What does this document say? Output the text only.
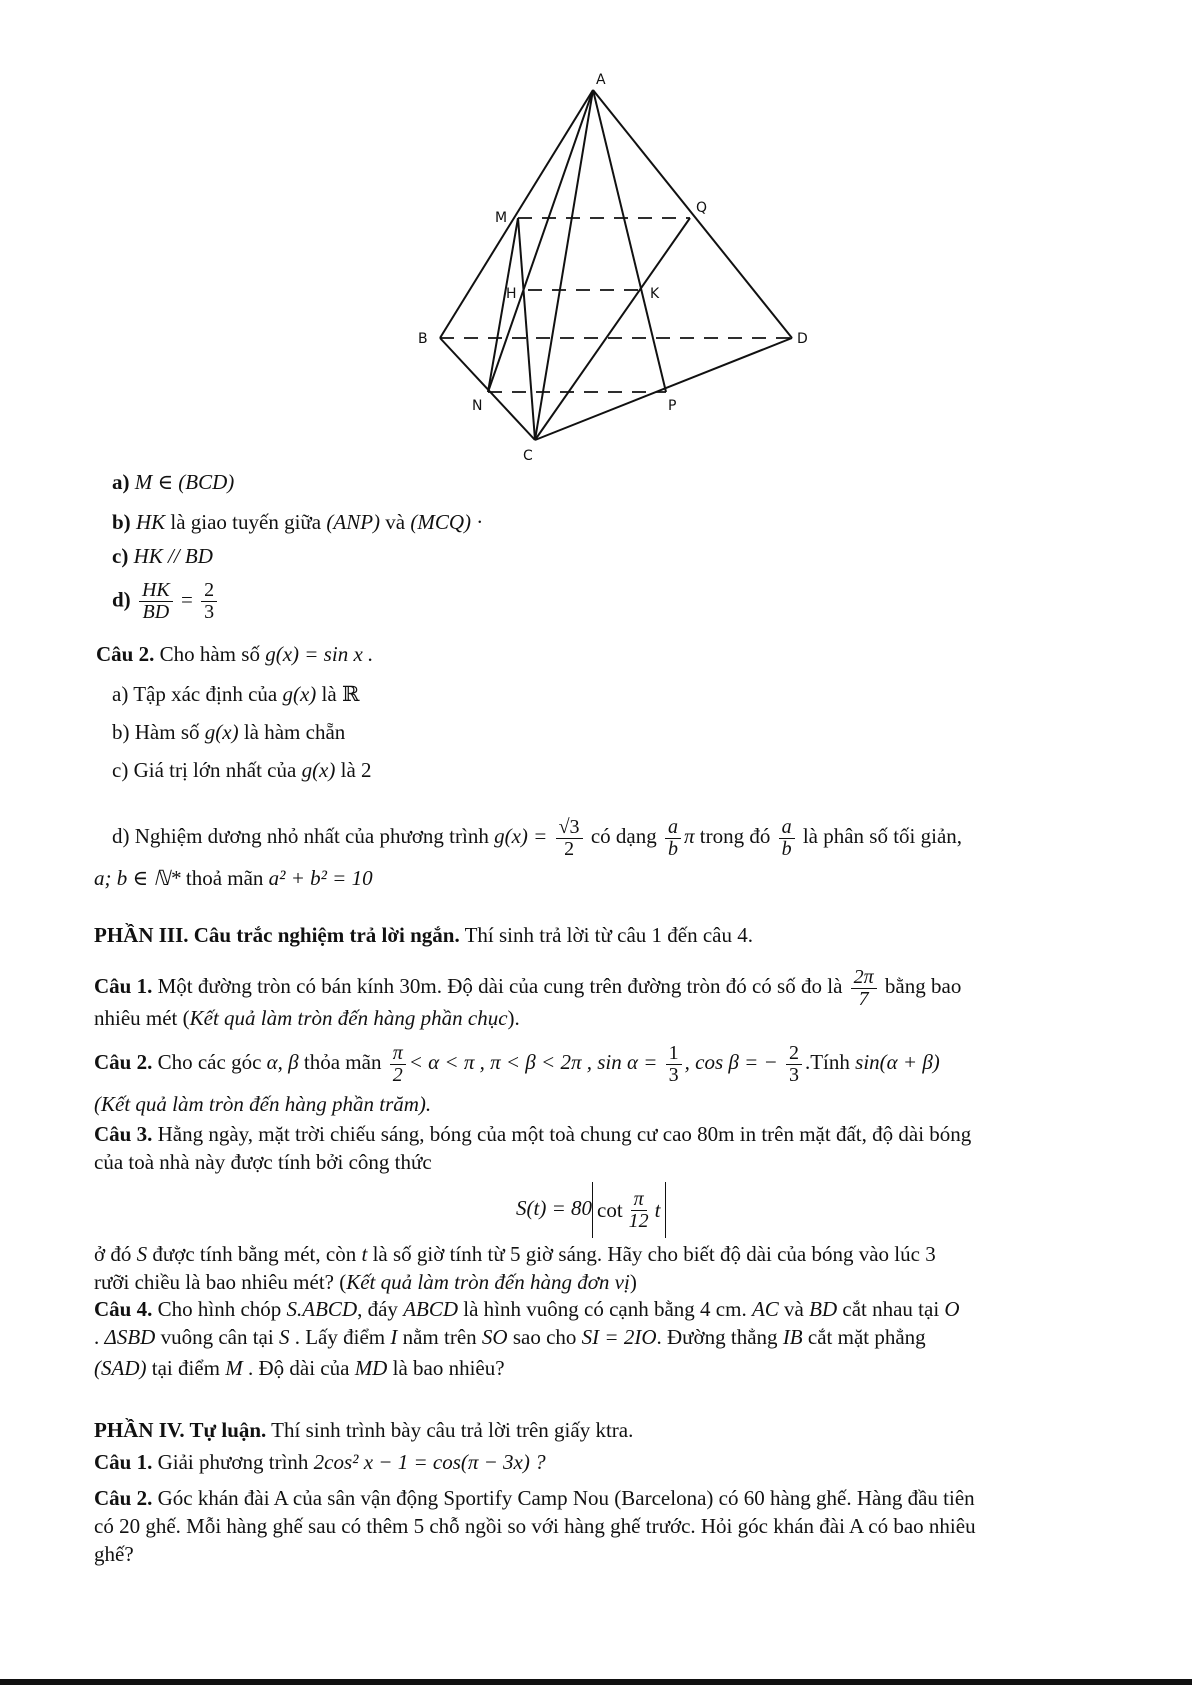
A
M
Q
H	K
B	D
N	P
C
a) M ∈ (BCD)
b) HK là giao tuyến giữa (ANP) và (MCQ) ·
c) HK // BD
$d) \frac{HK}{BD} = \frac{2}{3}$
Câu 2. Cho hàm số g(x) = sin x .
a) Tập xác định của g(x) là ℝ
b) Hàm số g(x) là hàm chẵn
c) Giá trị lớn nhất của g(x) là 2
d) Nghiệm dương nhỏ nhất của phương trình $g(x) = \frac{√3}{2}$ có dạng $\frac{a}{b}$ π trong đó $\frac{a}{b}$ là phân số tối giản,
a; b ∈ ℕ* thoả mãn a² + b² = 10
PHẦN III. Câu trắc nghiệm trả lời ngắn. Thí sinh trả lời từ câu 1 đến câu 4.
Câu 1. Một đường tròn có bán kính 30m. Độ dài của cung trên đường tròn đó có số đo là $\frac{2\pi}{7}$ bằng bao
nhiêu mét (Kết quả làm tròn đến hàng phần chục).
Câu 2. Cho các góc α, β thỏa mãn $\frac{\pi}{2} < \alpha < \pi$ , π < β < 2π , $\sin \alpha = \frac{1}{3}$ , cos β = − $\frac{2}{3}$ .Tính sin(α + β)
(Kết quả làm tròn đến hàng phần trăm).
Câu 3. Hằng ngày, mặt trời chiếu sáng, bóng của một toà chung cư cao 80m in trên mặt đất, độ dài bóng
của toà nhà này được tính bởi công thức
S(t) = 80 $\cot \frac{\pi}{12}$ t
ở đó S được tính bằng mét, còn t là số giờ tính từ 5 giờ sáng. Hãy cho biết độ dài của bóng vào lúc 3
rưỡi chiều là bao nhiêu mét? (Kết quả làm tròn đến hàng đơn vị)
Câu 4. Cho hình chóp S.ABCD, đáy ABCD là hình vuông có cạnh bằng 4 cm. AC và BD cắt nhau tại O
. ΔSBD vuông cân tại S . Lấy điểm I nằm trên SO sao cho SI = 2IO. Đường thẳng IB cắt mặt phẳng
(SAD) tại điểm M . Độ dài của MD là bao nhiêu?
PHẦN IV. Tự luận. Thí sinh trình bày câu trả lời trên giấy ktra.
Câu 1. Giải phương trình 2cos² x − 1 = cos(π − 3x) ?
Câu 2. Góc khán đài A của sân vận động Sportify Camp Nou (Barcelona) có 60 hàng ghế. Hàng đầu tiên
có 20 ghế. Mỗi hàng ghế sau có thêm 5 chỗ ngồi so với hàng ghế trước. Hỏi góc khán đài A có bao nhiêu
ghế?
